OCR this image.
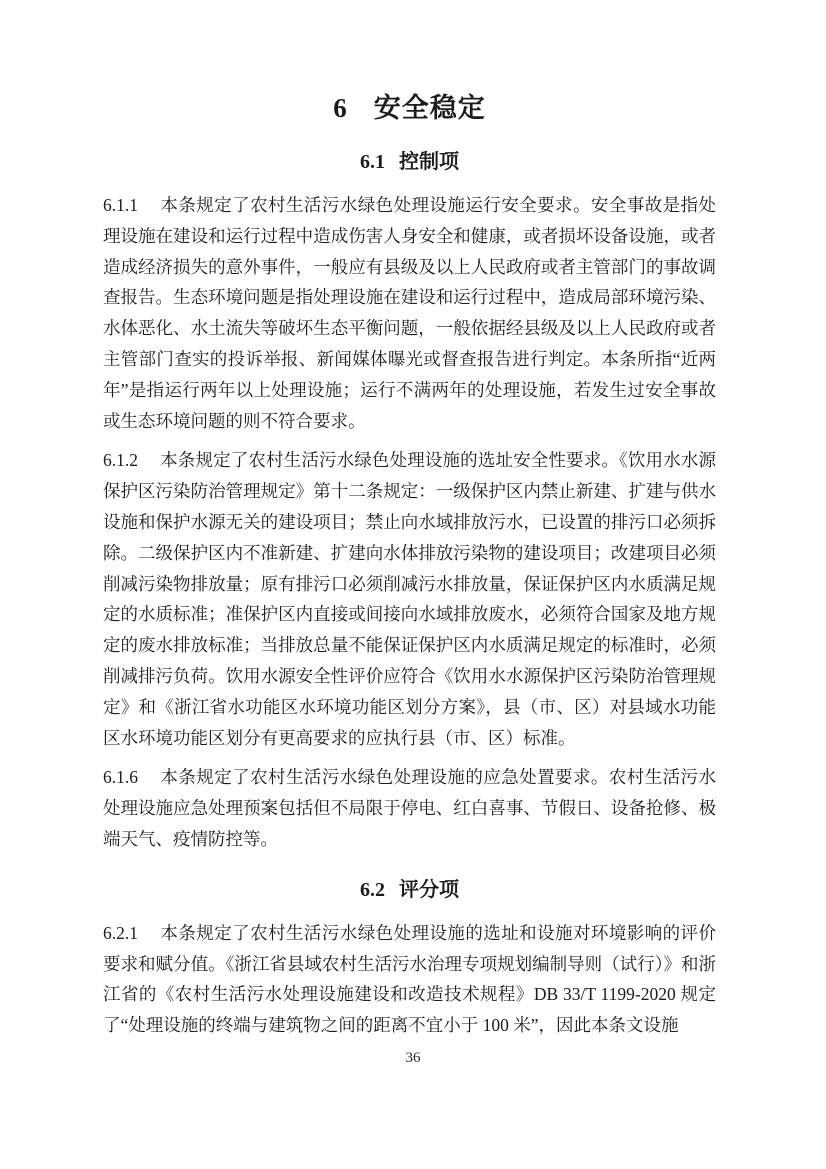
6 安全稳定
6.1 控制项

6.1.1 本条规定了农村生活污水绿色处理设施运行安全要求。安全事故是指处理设施在建设和运行过程中造成伤害人身安全和健康，或者损坏设备设施，或者造成经济损失的意外事件，一般应有县级及以上人民政府或者主管部门的事故调查报告。生态环境问题是指处理设施在建设和运行过程中，造成局部环境污染、水体恶化、水土流失等破坏生态平衡问题，一般依据经县级及以上人民政府或者主管部门查实的投诉举报、新闻媒体曝光或督查报告进行判定。本条所指“近两年”是指运行两年以上处理设施；运行不满两年的处理设施，若发生过安全事故或生态环境问题的则不符合要求。

6.1.2 本条规定了农村生活污水绿色处理设施的选址安全性要求。《饮用水水源保护区污染防治管理规定》第十二条规定：一级保护区内禁止新建、扩建与供水设施和保护水源无关的建设项目；禁止向水域排放污水，已设置的排污口必须拆除。二级保护区内不准新建、扩建向水体排放污染物的建设项目；改建项目必须削减污染物排放量；原有排污口必须削减污水排放量，保证保护区内水质满足规定的水质标准；准保护区内直接或间接向水域排放废水，必须符合国家及地方规定的废水排放标准；当排放总量不能保证保护区内水质满足规定的标准时，必须削减排污负荷。饮用水源安全性评价应符合《饮用水水源保护区污染防治管理规定》和《浙江省水功能区水环境功能区划分方案》，县（市、区）对县域水功能区水环境功能区划分有更高要求的应执行县（市、区）标准。

6.1.6 本条规定了农村生活污水绿色处理设施的应急处置要求。农村生活污水处理设施应急处理预案包括但不局限于停电、红白喜事、节假日、设备抢修、极端天气、疫情防控等。

6.2 评分项

6.2.1 本条规定了农村生活污水绿色处理设施的选址和设施对环境影响的评价要求和赋分值。《浙江省县域农村生活污水治理专项规划编制导则（试行）》和浙江省的《农村生活污水处理设施建设和改造技术规程》DB 33/T 1199-2020 规定了“处理设施的终端与建筑物之间的距离不宜小于 100 米”，因此本条文设施

36
